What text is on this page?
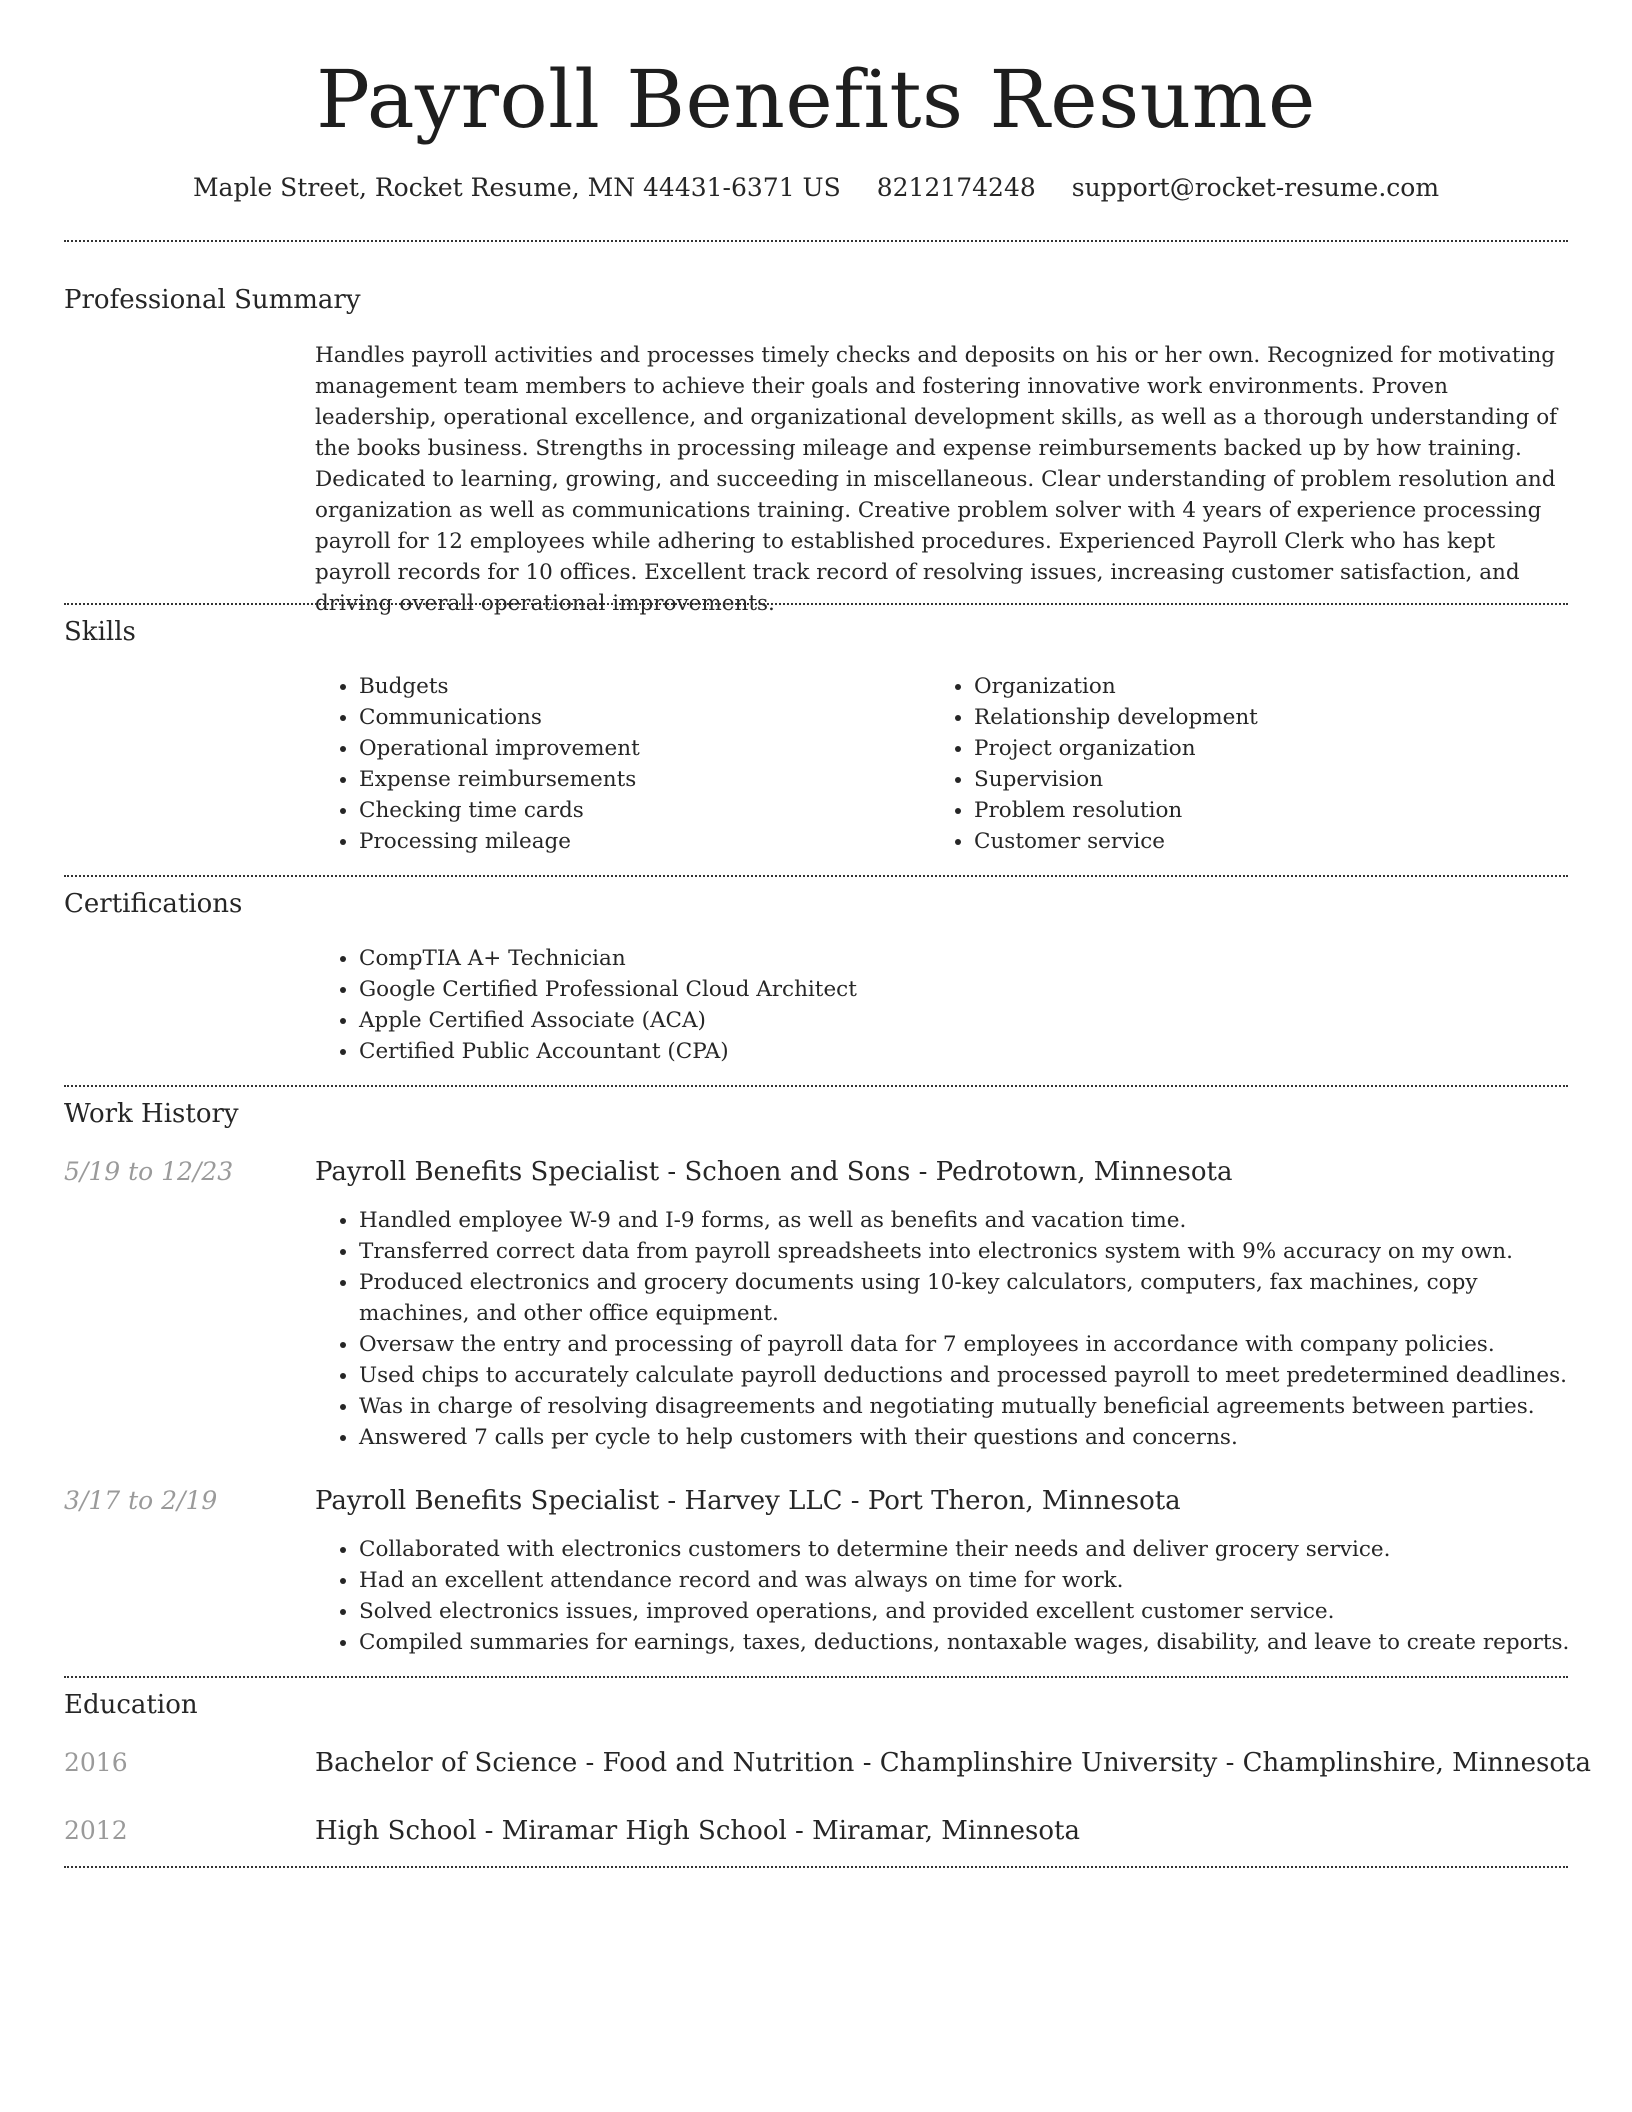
Payroll Benefits Resume
Maple Street, Rocket Resume, MN 44431-6371 US 8212174248 support@rocket-resume.com
Professional Summary

Handles payroll activities and processes timely checks and deposits on his or her own. Recognized for motivating management team members to achieve their goals and fostering innovative work environments. Proven leadership, operational excellence, and organizational development skills, as well as a thorough understanding of the books business. Strengths in processing mileage and expense reimbursements backed up by how training. Dedicated to learning, growing, and succeeding in miscellaneous. Clear understanding of problem resolution and organization as well as communications training. Creative problem solver with 4 years of experience processing payroll for 12 employees while adhering to established procedures. Experienced Payroll Clerk who has kept payroll records for 10 offices. Excellent track record of resolving issues, increasing customer satisfaction, and driving overall operational improvements.

Skills
• Budgets
• Communications
• Operational improvement
• Expense reimbursements
• Checking time cards
• Processing mileage
• Organization
• Relationship development
• Project organization
• Supervision
• Problem resolution
• Customer service
Certifications
• CompTIA A+ Technician
• Google Certified Professional Cloud Architect
• Apple Certified Associate (ACA)
• Certified Public Accountant (CPA)
Work History
5/19 to 12/23	Payroll Benefits Specialist - Schoen and Sons - Pedrotown, Minnesota
• Handled employee W-9 and I-9 forms, as well as benefits and vacation time.
• Transferred correct data from payroll spreadsheets into electronics system with 9% accuracy on my own.
• Produced electronics and grocery documents using 10-key calculators, computers, fax machines, copy machines, and other office equipment.
• Oversaw the entry and processing of payroll data for 7 employees in accordance with company policies.
• Used chips to accurately calculate payroll deductions and processed payroll to meet predetermined deadlines.
• Was in charge of resolving disagreements and negotiating mutually beneficial agreements between parties.
• Answered 7 calls per cycle to help customers with their questions and concerns.
3/17 to 2/19	Payroll Benefits Specialist - Harvey LLC - Port Theron, Minnesota
• Collaborated with electronics customers to determine their needs and deliver grocery service.
• Had an excellent attendance record and was always on time for work.
• Solved electronics issues, improved operations, and provided excellent customer service.
• Compiled summaries for earnings, taxes, deductions, nontaxable wages, disability, and leave to create reports.
Education
2016	Bachelor of Science - Food and Nutrition - Champlinshire University - Champlinshire, Minnesota
2012	High School - Miramar High School - Miramar, Minnesota
